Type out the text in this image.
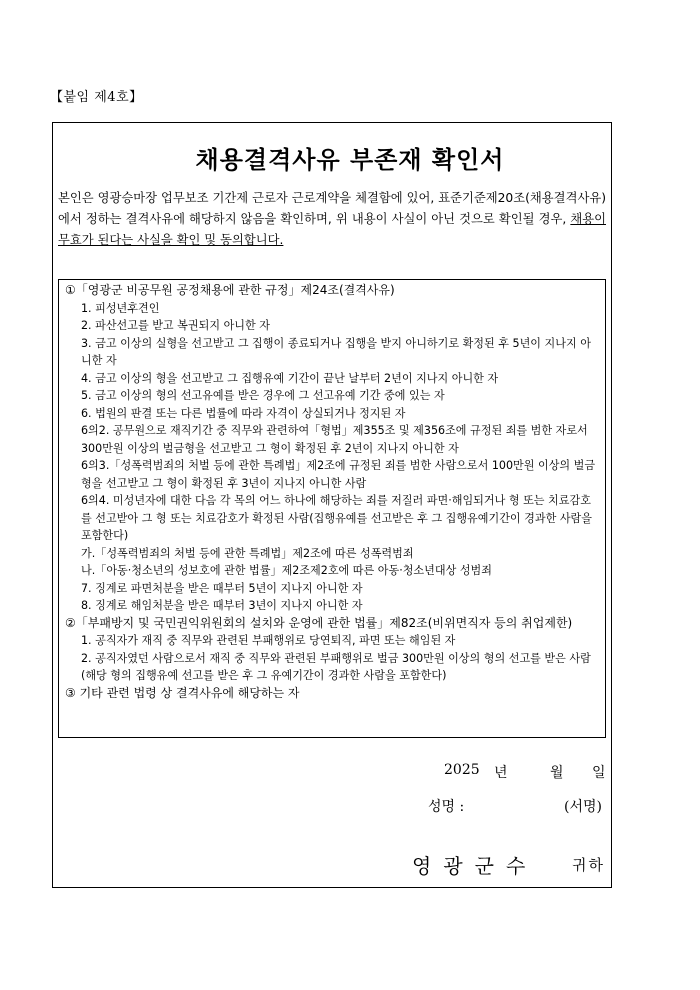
【붙임 제4호】
채용결격사유 부존재 확인서
본인은 영광승마장 업무보조 기간제 근로자 근로계약을 체결함에 있어, 표준기준제20조(채용결격사유)에서 정하는 결격사유에 해당하지 않음을 확인하며, 위 내용이 사실이 아닌 것으로 확인될 경우, 채용이 무효가 된다는 사실을 확인 및 동의합니다.

①「영광군 비공무원 공정채용에 관한 규정」제24조(결격사유)

1. 피성년후견인

2. 파산선고를 받고 복권되지 아니한 자

3. 금고 이상의 실형을 선고받고 그 집행이 종료되거나 집행을 받지 아니하기로 확정된 후 5년이 지나지 아니한 자

4. 금고 이상의 형을 선고받고 그 집행유예 기간이 끝난 날부터 2년이 지나지 아니한 자

5. 금고 이상의 형의 선고유예를 받은 경우에 그 선고유예 기간 중에 있는 자

6. 법원의 판결 또는 다른 법률에 따라 자격이 상실되거나 정지된 자

6의2. 공무원으로 재직기간 중 직무와 관련하여「형법」제355조 및 제356조에 규정된 죄를 범한 자로서 300만원 이상의 벌금형을 선고받고 그 형이 확정된 후 2년이 지나지 아니한 자

6의3.「성폭력범죄의 처벌 등에 관한 특례법」제2조에 규정된 죄를 범한 사람으로서 100만원 이상의 벌금형을 선고받고 그 형이 확정된 후 3년이 지나지 아니한 사람

6의4. 미성년자에 대한 다음 각 목의 어느 하나에 해당하는 죄를 저질러 파면·해임되거나 형 또는 치료감호를 선고받아 그 형 또는 치료감호가 확정된 사람(집행유예를 선고받은 후 그 집행유예기간이 경과한 사람을 포함한다)

가.「성폭력범죄의 처벌 등에 관한 특례법」제2조에 따른 성폭력범죄

나.「아동·청소년의 성보호에 관한 법률」제2조제2호에 따른 아동·청소년대상 성범죄

7. 징계로 파면처분을 받은 때부터 5년이 지나지 아니한 자

8. 징계로 해임처분을 받은 때부터 3년이 지나지 아니한 자

②「부패방지 및 국민권익위원회의 설치와 운영에 관한 법률」제82조(비위면직자 등의 취업제한)

1. 공직자가 재직 중 직무와 관련된 부패행위로 당연퇴직, 파면 또는 해임된 자

2. 공직자였던 사람으로서 재직 중 직무와 관련된 부패행위로 벌금 300만원 이상의 형의 선고를 받은 사람(해당 형의 집행유예 선고를 받은 후 그 유예기간이 경과한 사람을 포함한다)

③ 기타 관련 법령 상 결격사유에 해당하는 자

2025 년	월 일
성명 :	(서명)
영광군수 귀하
